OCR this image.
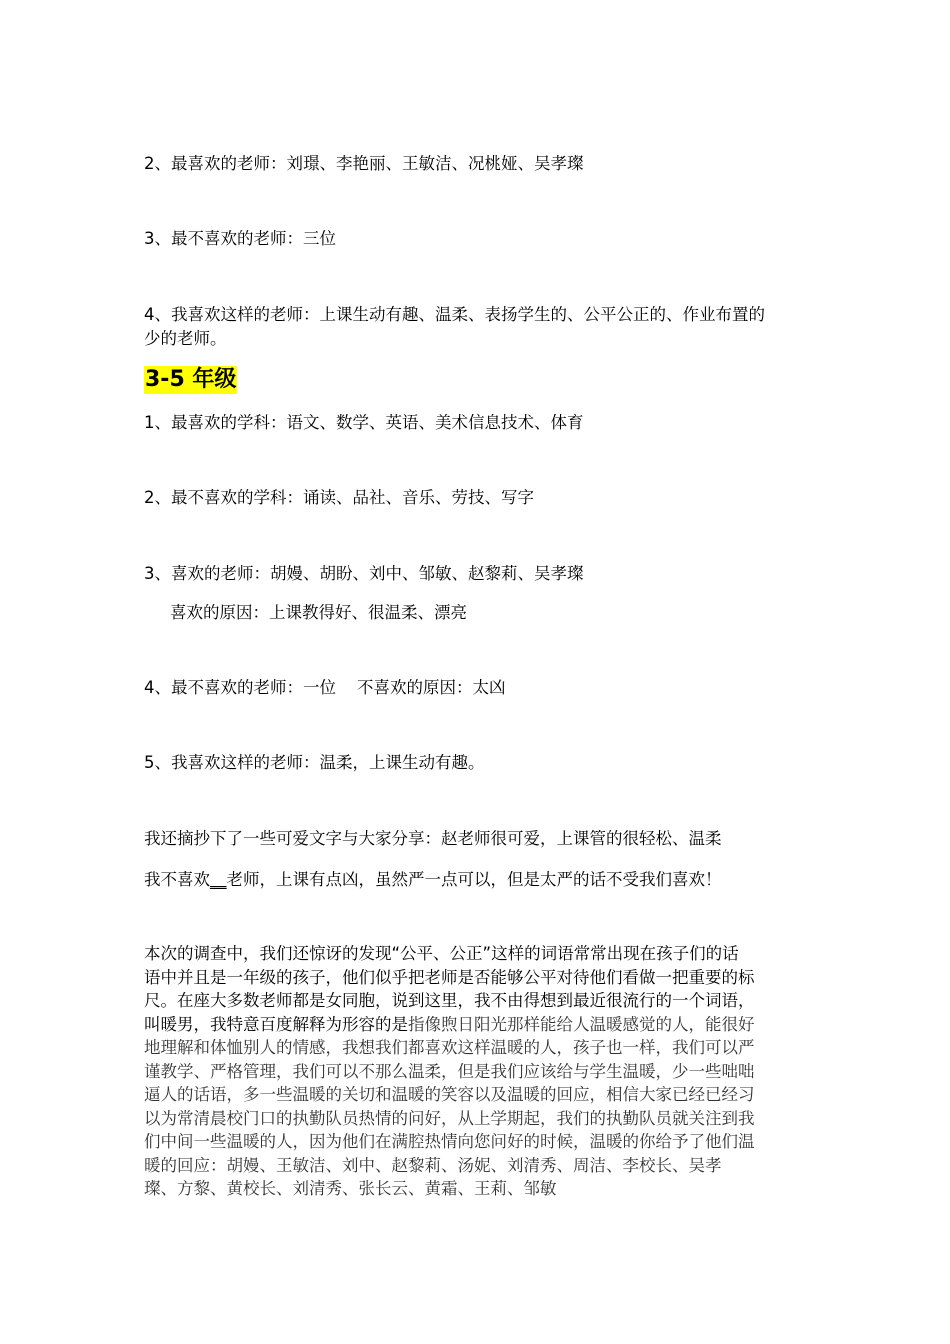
2、最喜欢的老师：刘璟、李艳丽、王敏洁、况桃娅、吴孝璨

3、最不喜欢的老师：三位

4、我喜欢这样的老师：上课生动有趣、温柔、表扬学生的、公平公正的、作业布置的

少的老师。

3-5 年级

1、最喜欢的学科：语文、数学、英语、美术信息技术、体育

2、最不喜欢的学科：诵读、品社、音乐、劳技、写字

3、喜欢的老师：胡嫚、胡盼、刘中、邹敏、赵黎莉、吴孝璨

喜欢的原因：上课教得好、很温柔、漂亮

4、最不喜欢的老师：一位    不喜欢的原因：太凶

5、我喜欢这样的老师：温柔，上课生动有趣。

我还摘抄下了一些可爱文字与大家分享：赵老师很可爱，上课管的很轻松、温柔

我不喜欢__老师，上课有点凶，虽然严一点可以，但是太严的话不受我们喜欢！

本次的调查中，我们还惊讶的发现“公平、公正”这样的词语常常出现在孩子们的话
语中并且是一年级的孩子，他们似乎把老师是否能够公平对待他们看做一把重要的标
尺。在座大多数老师都是女同胞，说到这里，我不由得想到最近很流行的一个词语，
叫暖男，我特意百度解释为形容的是指像煦日阳光那样能给人温暖感觉的人，能很好
地理解和体恤别人的情感，我想我们都喜欢这样温暖的人，孩子也一样，我们可以严
谨教学、严格管理，我们可以不那么温柔，但是我们应该给与学生温暖，少一些咄咄
逼人的话语，多一些温暖的关切和温暖的笑容以及温暖的回应，相信大家已经已经习
以为常清晨校门口的执勤队员热情的问好，从上学期起，我们的执勤队员就关注到我
们中间一些温暖的人，因为他们在满腔热情向您问好的时候，温暖的你给予了他们温
暖的回应：胡嫚、王敏洁、刘中、赵黎莉、汤妮、刘清秀、周洁、李校长、吴孝
璨、方黎、黄校长、刘清秀、张长云、黄霜、王莉、邹敏
